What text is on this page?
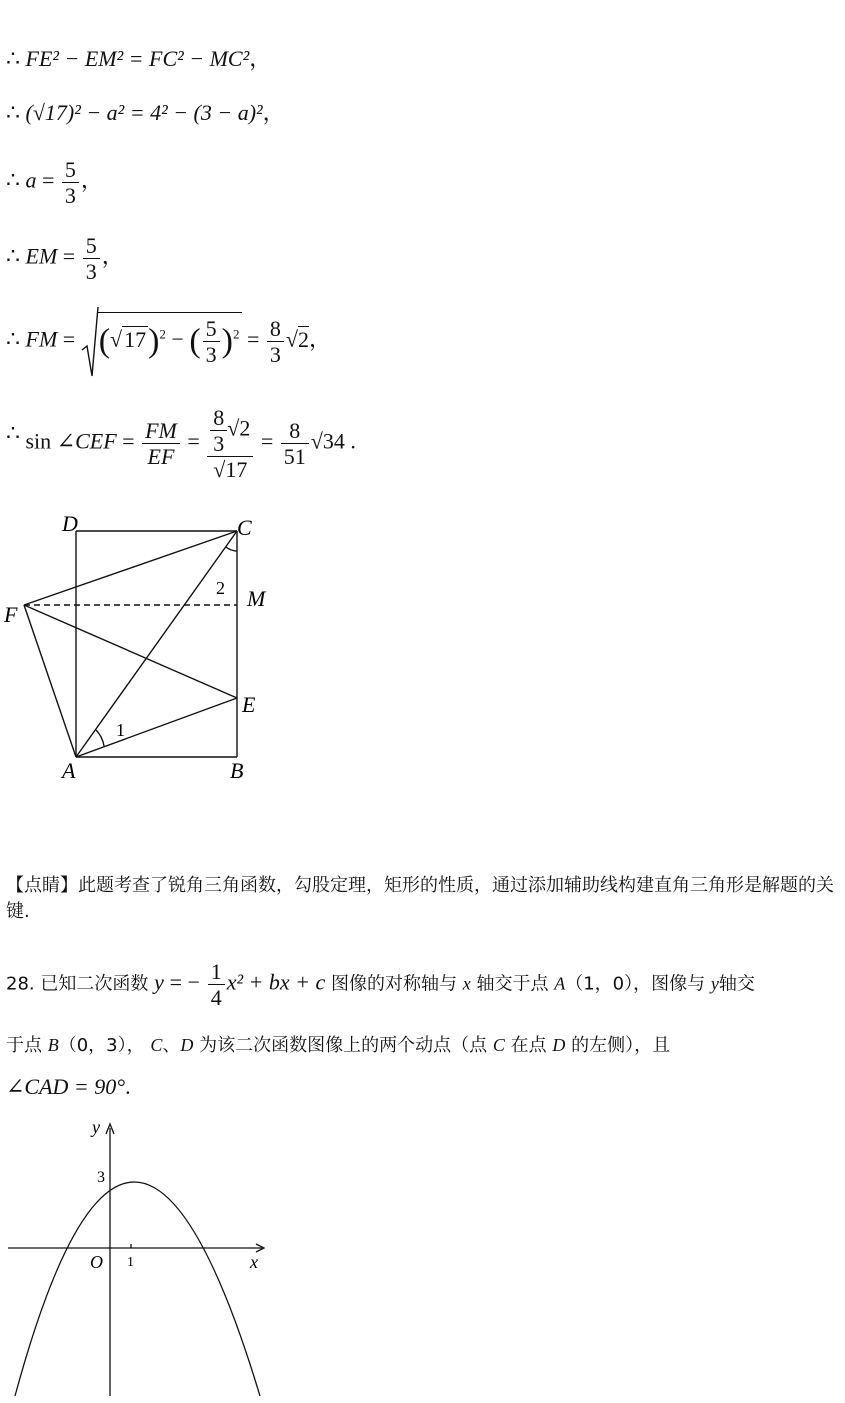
∴ FE² − EM² = FC² − MC²，
∴ (√17)² − a² = 4² − (3 − a)²，
∴ $a = \frac{5}{3}$ ，
∴ EM = $\frac{5}{3}$ ，
∴ FM =
$(√17)^2$ − ( $\frac{5}{3} )^2 = \frac{8}{3} √2$，
∴ sin ∠CEF = $\frac{FM}{EF} = \frac{\frac{8}{3} √2}{√17} = \frac{8}{51} √34$ .
D	C
M
F
E
A	B
1
2
y
x
O
3
1
【点睛】此题考查了锐角三角函数，勾股定理，矩形的性质，通过添加辅助线构建直角三角形是解题的关键.
28. 已知二次函数 y = − $\frac{1}{4} x^2$ + bx + c 图像的对称轴与 x 轴交于点 A（1，0），图像与 y轴交
于点 B（0，3）， C、D 为该二次函数图像上的两个动点（点 C 在点 D 的左侧），且
∠CAD = 90°.
